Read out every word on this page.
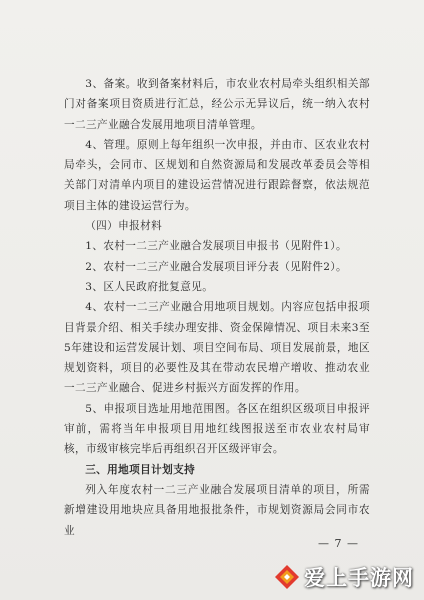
3、备案。收到备案材料后，市农业农村局牵头组织相关部门对备案项目资质进行汇总，经公示无异议后，统一纳入农村一二三产业融合发展用地项目清单管理。

4、管理。原则上每年组织一次申报，并由市、区农业农村局牵头，会同市、区规划和自然资源局和发展改革委员会等相关部门对清单内项目的建设运营情况进行跟踪督察，依法规范项目主体的建设运营行为。

（四）申报材料

1、农村一二三产业融合发展项目申报书（见附件1）。

2、农村一二三产业融合发展项目评分表（见附件2）。

3、区人民政府批复意见。

4、农村一二三产业融合用地项目规划。内容应包括申报项目背景介绍、相关手续办理安排、资金保障情况、项目未来3至5年建设和运营发展计划、项目空间布局、项目发展前景，地区规划资料，项目的必要性及其在带动农民增产增收、推动农业一二三产业融合、促进乡村振兴方面发挥的作用。

5、申报项目选址用地范围图。各区在组织区级项目申报评审前，需将当年申报项目用地红线图报送至市农业农村局审核，市级审核完毕后再组织召开区级评审会。

三、用地项目计划支持

列入年度农村一二三产业融合发展项目清单的项目，所需新增建设用地块应具备用地报批条件，市规划资源局会同市农业

— 7 —
爱上手游网
